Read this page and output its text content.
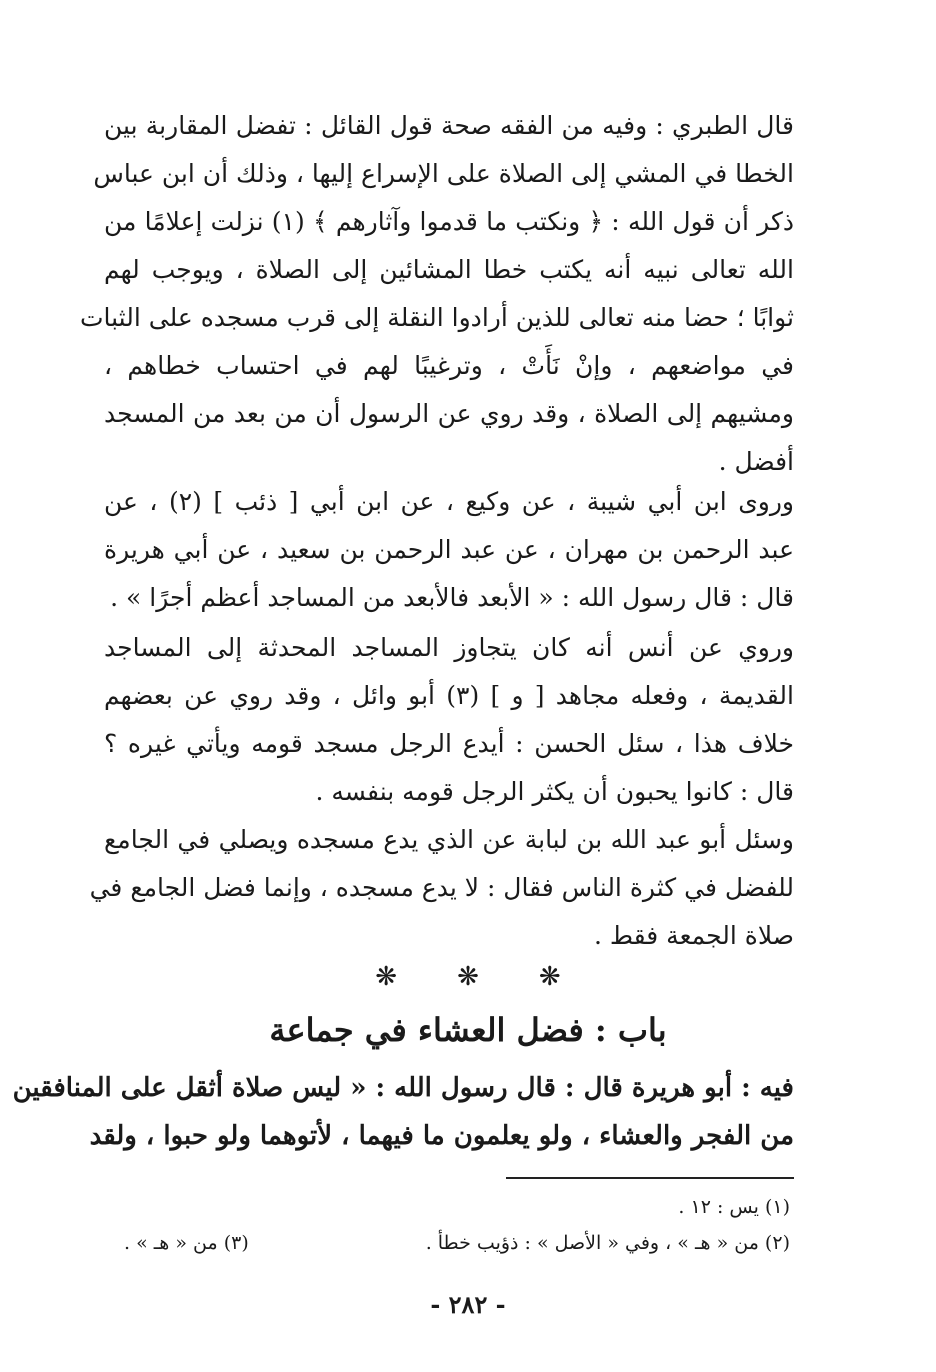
قال الطبري : وفيه من الفقه صحة قول القائل : تفضل المقاربة بين
الخطا في المشي إلى الصلاة على الإسراع إليها ، وذلك أن ابن عباس
ذكر أن قول الله : ﴿ ونكتب ما قدموا وآثارهم ﴾ (١) نزلت إعلامًا من
الله تعالى نبيه أنه يكتب خطا المشائين إلى الصلاة ، ويوجب لهم
ثوابًا ؛ حضا منه تعالى للذين أرادوا النقلة إلى قرب مسجده على الثبات
في مواضعهم ، وإنْ نَأَتْ ، وترغيبًا لهم في احتساب خطاهم ،
ومشيهم إلى الصلاة ، وقد روي عن الرسول أن من بعد من المسجد
أفضل .
وروى ابن أبي شيبة ، عن وكيع ، عن ابن أبي [ ذئب ] (٢) ، عن
عبد الرحمن بن مهران ، عن عبد الرحمن بن سعيد ، عن أبي هريرة
قال : قال رسول الله : « الأبعد فالأبعد من المساجد أعظم أجرًا » .
وروي عن أنس أنه كان يتجاوز المساجد المحدثة إلى المساجد
القديمة ، وفعله مجاهد [ و ] (٣) أبو وائل ، وقد روي عن بعضهم
خلاف هذا ، سئل الحسن : أيدع الرجل مسجد قومه ويأتي غيره ؟
قال : كانوا يحبون أن يكثر الرجل قومه بنفسه .
وسئل أبو عبد الله بن لبابة عن الذي يدع مسجده ويصلي في الجامع
للفضل في كثرة الناس فقال : لا يدع مسجده ، وإنما فضل الجامع في
صلاة الجمعة فقط .
❋ ❋ ❋
باب : فضل العشاء في جماعة
فيه : أبو هريرة قال : قال رسول الله : « ليس صلاة أثقل على المنافقين
من الفجر والعشاء ، ولو يعلمون ما فيهما ، لأتوهما ولو حبوا ، ولقد
(١) يس : ١٢ .
(٢) من « هـ » ، وفي « الأصل » : ذؤيب خطأ .
(٣) من « هـ » .
- ٢٨٢ -
